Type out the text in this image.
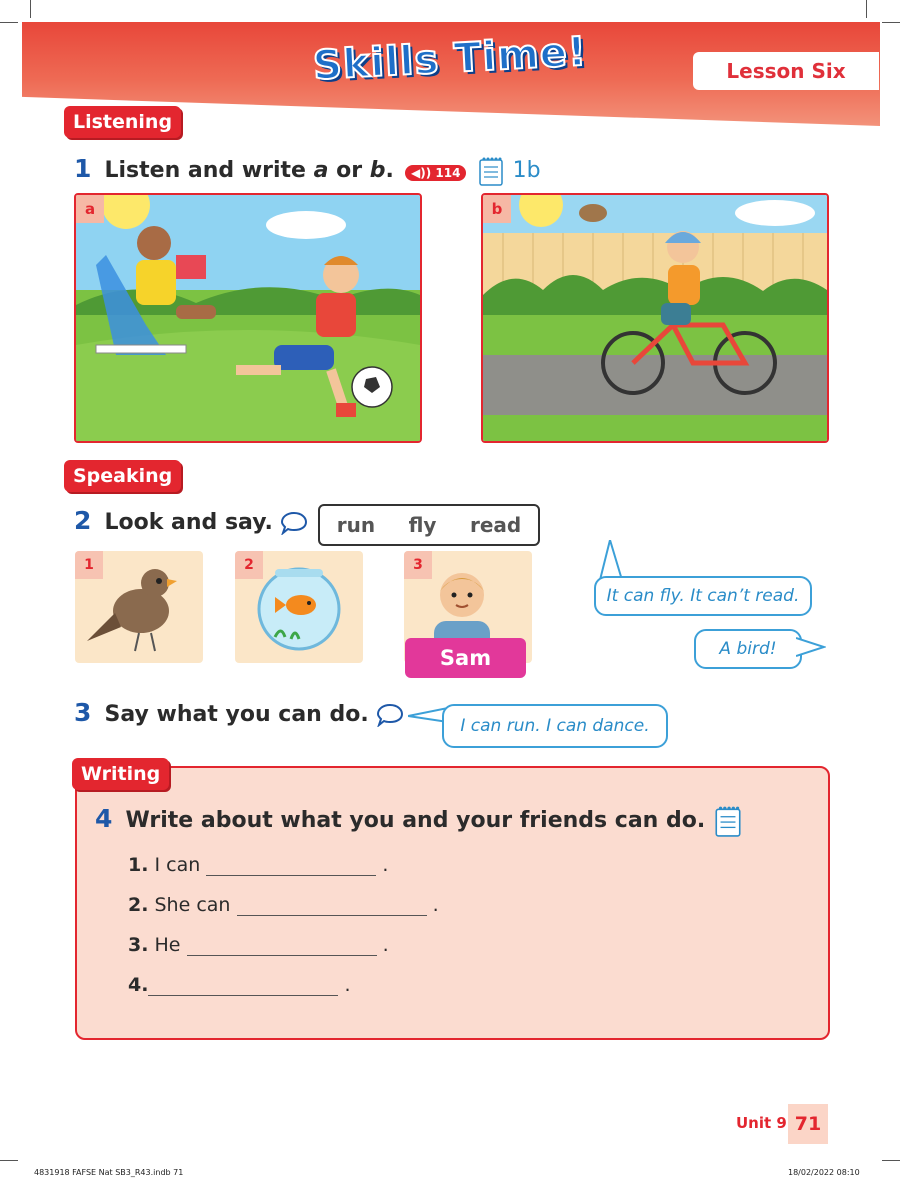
Skills Time!	Lesson Six
Listening
1 Listen and write a or b. ◀)) 114 1b
a	b
Speaking
2 Look and say.	run fly read
1	2	3
Sam
It can fly. It can’t read.
A bird!
3 Say what you can do.	I can run. I can dance.
Writing
4 Write about what you and your friends can do.
1. I can	.
2. She can	.
3. He	.
4.	.
Unit 9 71
4831918 FAFSE Nat SB3_R43.indb 71	18/02/2022 08:10
